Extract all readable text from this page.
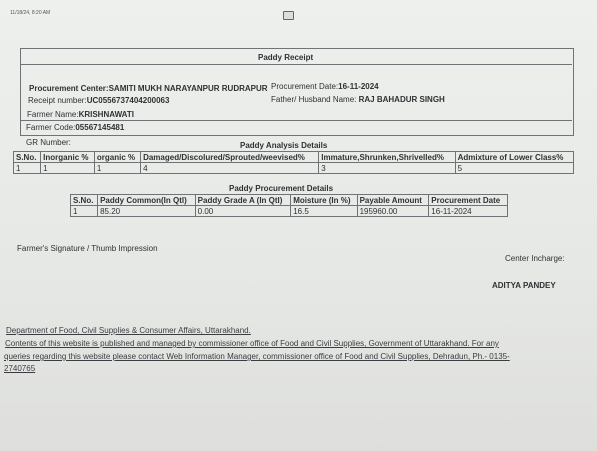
11/18/24, 8:20 AM
Paddy Receipt
Procurement Center:SAMITI MUKH NARAYANPUR RUDRAPUR
Receipt number:UC0556737404200063
Procurement Date:16-11-2024
Farmer Name:KRISHNAWATI
Father/ Husband Name: RAJ BAHADUR SINGH
Farmer Code:05567145481
GR Number:	Paddy Analysis Details
S.No.	Inorganic %	organic %	Damaged/Discolured/Sprouted/weevised%	Immature,Shrunken,Shrivelled%	Admixture of Lower Class%
1	1	1	4	3	5
Paddy Procurement Details
S.No.	Paddy Common(In Qtl)	Paddy Grade A (In Qtl)	Moisture (In %)	Payable Amount	Procurement Date
1	85.20	0.00	16.5	195960.00	16-11-2024
Farmer's Signature / Thumb Impression
Center Incharge:
ADITYA PANDEY
Department of Food, Civil Supplies & Consumer Affairs, Uttarakhand.
Contents of this website is published and managed by commissioner office of Food and Civil Supplies, Government of Uttarakhand. For any
queries regarding this website please contact Web Information Manager, commissioner office of Food and Civil Supplies, Dehradun, Ph.- 0135-
2740765
